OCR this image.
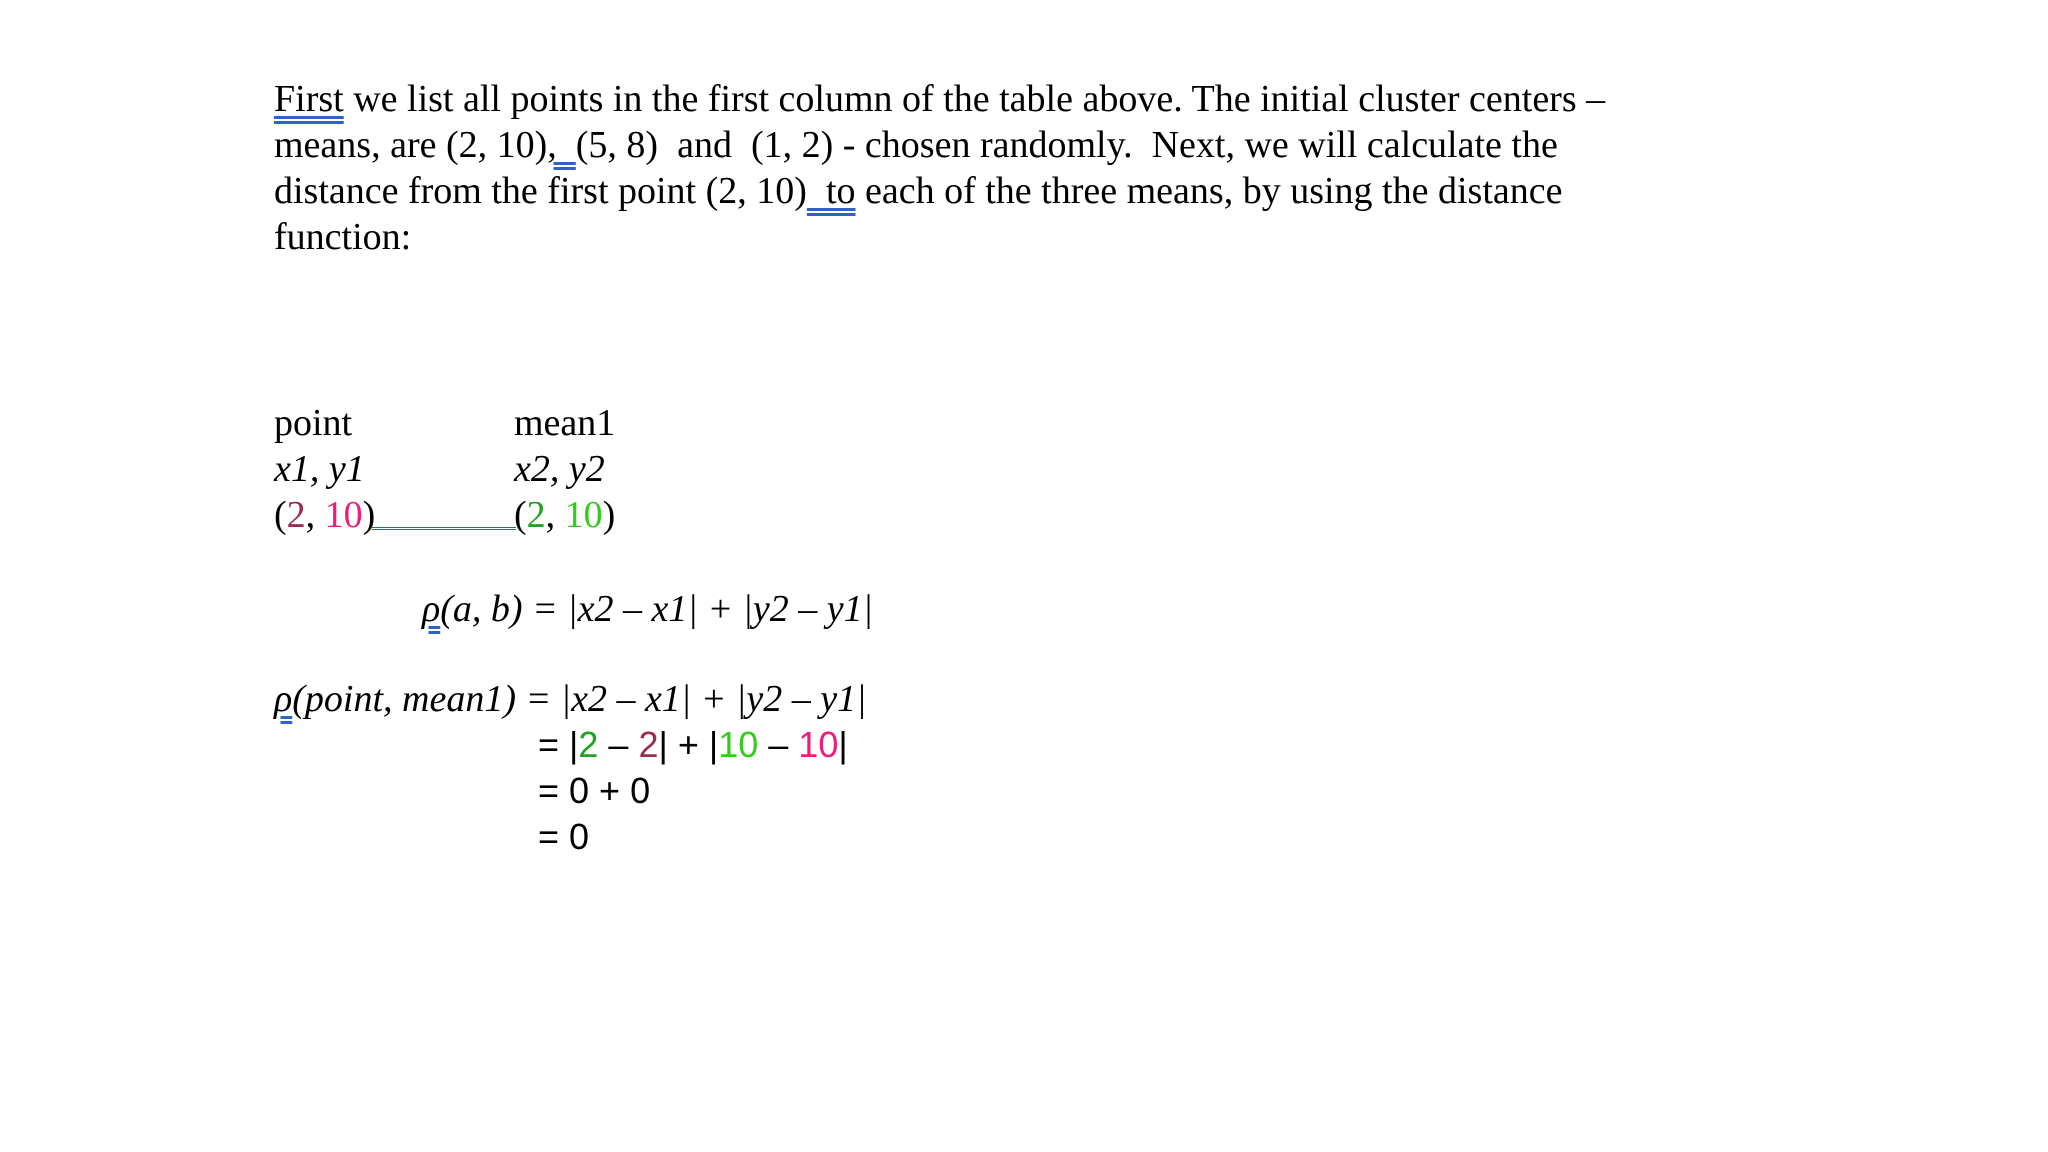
First we list all points in the first column of the table above. The initial cluster centers –
means, are (2, 10),  (5, 8)  and  (1, 2) - chosen randomly.  Next, we will calculate the
distance from the first point (2, 10)  to each of the three means, by using the distance
function:
point	mean1
x1, y1	x2, y2
(2, 10)	(2, 10)
ρ(a, b) = |x2 – x1| + |y2 – y1|
ρ(point, mean1) = |x2 – x1| + |y2 – y1|
= |2 – 2| + |10 – 10|
= 0 + 0
= 0
